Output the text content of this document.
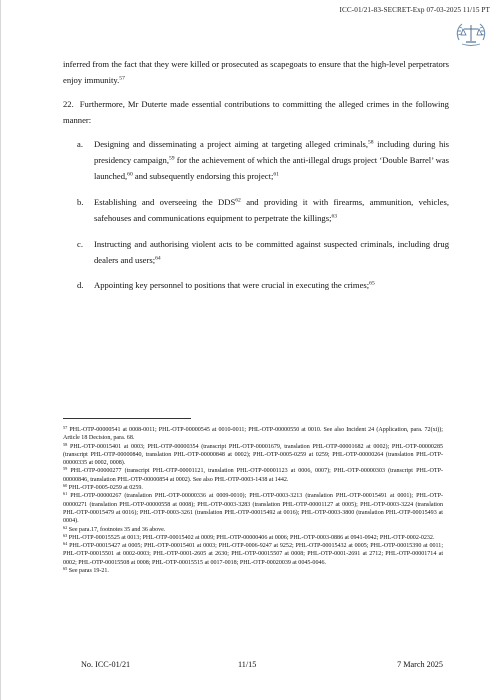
ICC-01/21-83-SECRET-Exp 07-03-2025 11/15 PT

inferred from the fact that they were killed or prosecuted as scapegoats to ensure that the high-level perpetrators enjoy immunity.$^{57}$

22. Furthermore, Mr Duterte made essential contributions to committing the alleged crimes in the following manner:

a. Designing and disseminating a project aiming at targeting alleged criminals,$^{58}$ including during his presidency campaign,$^{59}$ for the achievement of which the anti-illegal drugs project ‘Double Barrel’ was launched,$^{60}$ and subsequently endorsing this project;$^{61}$
b. Establishing and overseeing the DDS$^{62}$ and providing it with firearms, ammunition, vehicles, safehouses and communications equipment to perpetrate the killings;$^{63}$
c. Instructing and authorising violent acts to be committed against suspected criminals, including drug dealers and users;$^{64}$
d. Appointing key personnel to positions that were crucial in executing the crimes;$^{65}$

$^{57}$ PHL-OTP-00000541 at 0008-0011; PHL-OTP-00000545 at 0010-0011; PHL-OTP-00000550 at 0010. See also Incident 24 (Application, para. 72(xi)); Article 18 Decision, para. 68.

$^{58}$ PHL-OTP-00015401 at 0003; PHL-OTP-00000354 (transcript PHL-OTP-00001679, translation PHL-OTP-00001682 at 0002); PHL-OTP-00000285 (transcript PHL-OTP-00000840, translation PHL-OTP-00000848 at 0002); PHL-OTP-0005-0259 at 0259; PHL-OTP-00000264 (translation PHL-OTP-00000335 at 0002, 0008).

$^{59}$ PHL-OTP-00000277 (transcript PHL-OTP-00001121, translation PHL-OTP-00001123 at 0006, 0007); PHL-OTP-00000303 (transcript PHL-OTP-00000846, translation PHL-OTP-00000854 at 0002). See also PHL-OTP-0003-1438 at 1442.

$^{60}$ PHL-OTP-0005-0259 at 0259.

$^{61}$ PHL-OTP-00000267 (translation PHL-OTP-00000336 at 0009-0010); PHL-OTP-0003-3213 (translation PHL-OTP-00015491 at 0001); PHL-OTP-00000271 (translation PHL-OTP-00000558 at 0008); PHL-OTP-0003-3283 (translation PHL-OTP-00001127 at 0005); PHL-OTP-0003-3224 (translation PHL-OTP-00015479 at 0016); PHL-OTP-0003-3261 (translation PHL-OTP-00015492 at 0016); PHL-OTP-0003-3800 (translation PHL-OTP-00015493 at 0004).

$^{62}$ See para.17, footnotes 35 and 36 above.

$^{63}$ PHL-OTP-00015525 at 0013; PHL-OTP-00015402 at 0009; PHL-OTP-00000406 at 0006; PHL-OTP-0003-0886 at 0941-0942; PHL-OTP-0002-0232.

$^{64}$ PHL-OTP-00015427 at 0005; PHL-OTP-00015401 at 0003; PHL-OTP-0006-9247 at 9252; PHL-OTP-00015432 at 0005; PHL-OTP-00015390 at 0011; PHL-OTP-00015501 at 0002-0003; PHL-OTP-0001-2605 at 2630; PHL-OTP-00015507 at 0008; PHL-OTP-0001-2691 at 2712; PHL-OTP-00001714 at 0002; PHL-OTP-00015508 at 0008; PHL-OTP-00015515 at 0017-0018; PHL-OTP-00020039 at 0045-0046.

$^{65}$ See paras 19-21.

No. ICC-01/21	11/15	7 March 2025
